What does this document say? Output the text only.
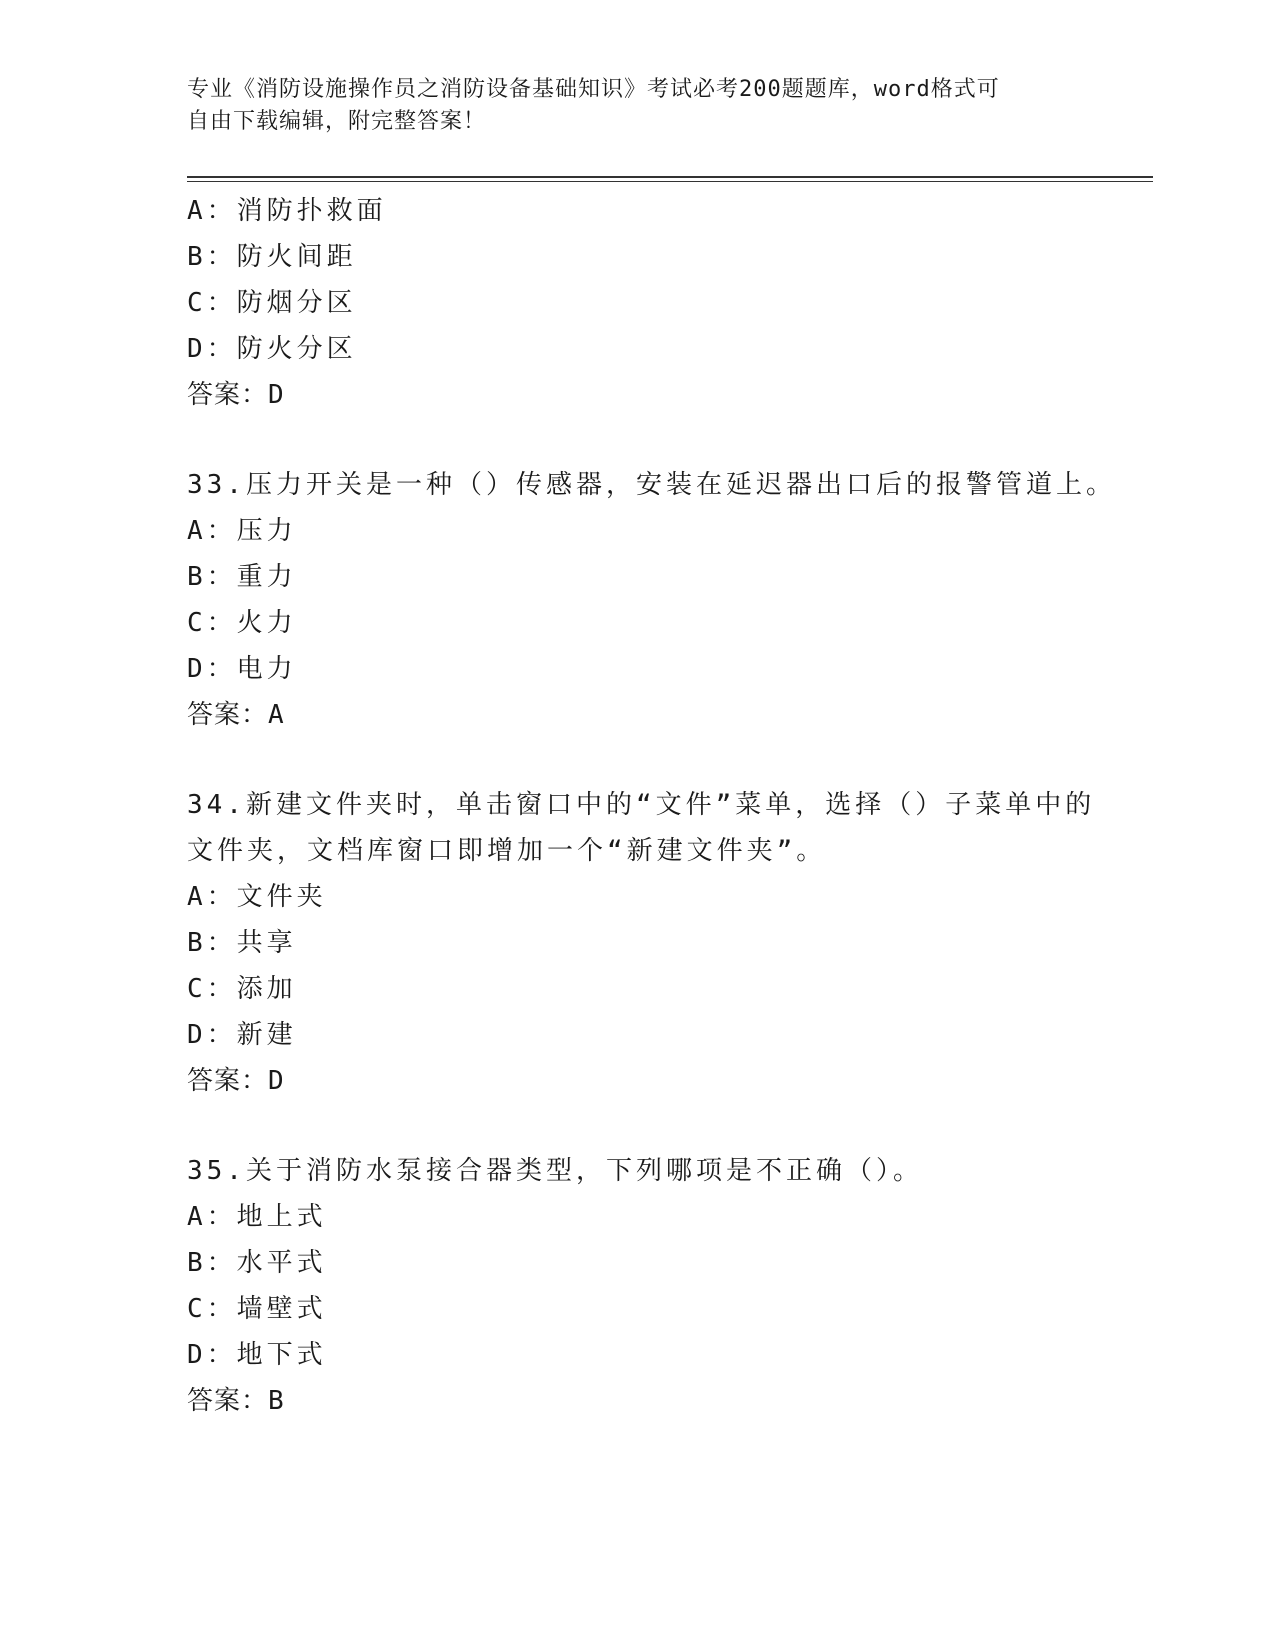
专业《消防设施操作员之消防设备基础知识》考试必考200题题库，word格式可
自由下载编辑，附完整答案！
A：消防扑救面
B：防火间距
C：防烟分区
D：防火分区
答案：D
33.压力开关是一种（）传感器，安装在延迟器出口后的报警管道上。
A：压力
B：重力
C：火力
D：电力
答案：A
34.新建文件夹时，单击窗口中的“文件”菜单，选择（）子菜单中的
文件夹，文档库窗口即增加一个“新建文件夹”。
A：文件夹
B：共享
C：添加
D：新建
答案：D
35.关于消防水泵接合器类型，下列哪项是不正确（）。
A：地上式
B：水平式
C：墙壁式
D：地下式
答案：B
